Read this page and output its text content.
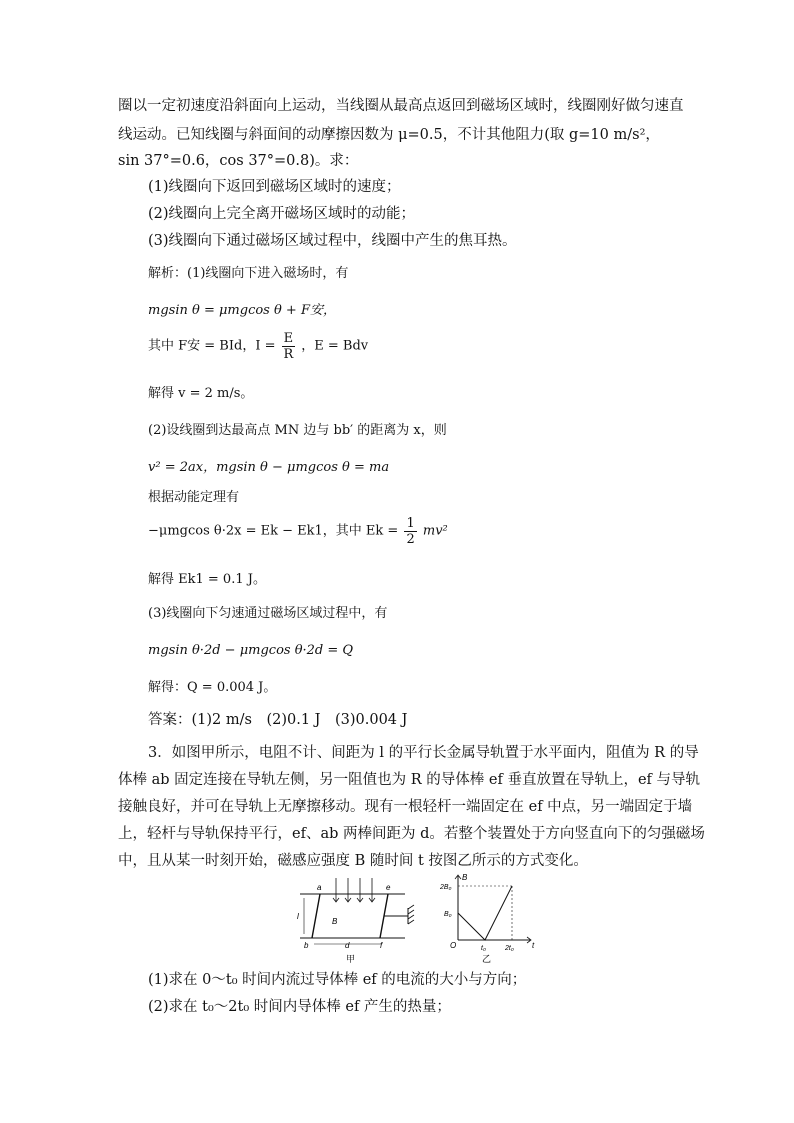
圈以一定初速度沿斜面向上运动，当线圈从最高点返回到磁场区域时，线圈刚好做匀速直
线运动。已知线圈与斜面间的动摩擦因数为 μ=0.5，不计其他阻力(取 g=10 m/s²，
sin 37°=0.6，cos 37°=0.8)。求：
(1)线圈向下返回到磁场区域时的速度；
(2)线圈向上完全离开磁场区域时的动能；
(3)线圈向下通过磁场区域过程中，线圈中产生的焦耳热。
解析：(1)线圈向下进入磁场时，有
mgsin θ = μmgcos θ + F安，
其中 F安 = BId，$I = \frac{E}{R}$ ，E = Bdv
解得 v = 2 m/s。
(2)设线圈到达最高点 MN 边与 bb′ 的距离为 x，则
v² = 2ax，mgsin θ − μmgcos θ = ma
根据动能定理有
−μmgcos θ·2x = Ek − Ek1，其中 $Ek = \frac{1}{2} mv^2$
解得 Ek1 = 0.1 J。
(3)线圈向下匀速通过磁场区域过程中，有
mgsin θ·2d − μmgcos θ·2d = Q
解得：Q = 0.004 J。
答案：(1)2 m/s　(2)0.1 J　(3)0.004 J
3．如图甲所示，电阻不计、间距为 l 的平行长金属导轨置于水平面内，阻值为 R 的导
体棒 ab 固定连接在导轨左侧，另一阻值也为 R 的导体棒 ef 垂直放置在导轨上，ef 与导轨
接触良好，并可在导轨上无摩擦移动。现有一根轻杆一端固定在 ef 中点，另一端固定于墙
上，轻杆与导轨保持平行，ef、ab 两棒间距为 d。若整个装置处于方向竖直向下的匀强磁场
中，且从某一时刻开始，磁感应强度 B 随时间 t 按图乙所示的方式变化。
a
b
e
f
B
l
d
甲
B
t
O
2B₀
B₀
t₀	2t₀
乙
(1)求在 0～t₀ 时间内流过导体棒 ef 的电流的大小与方向；
(2)求在 t₀～2t₀ 时间内导体棒 ef 产生的热量；
